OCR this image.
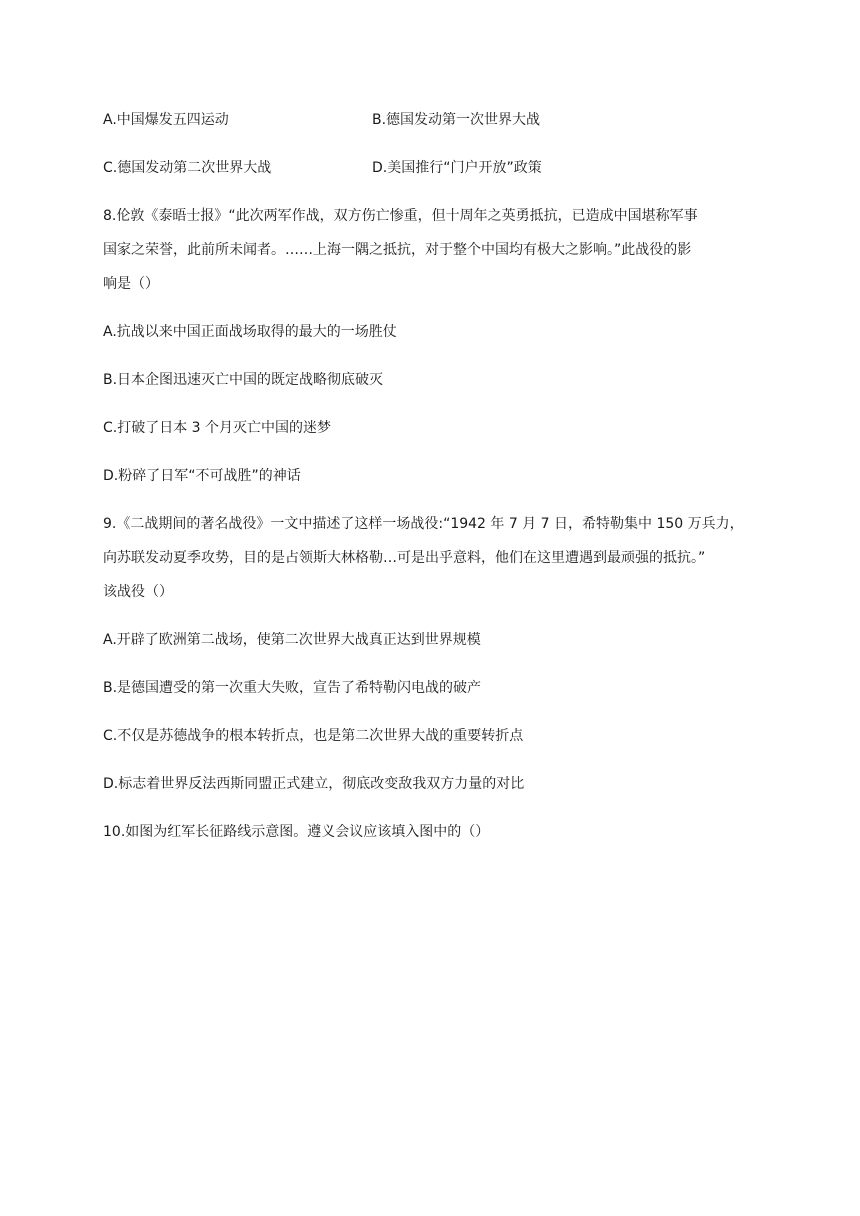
A.中国爆发五四运动	B.德国发动第一次世界大战
C.德国发动第二次世界大战	D.美国推行“门户开放”政策
8.伦敦《泰晤士报》“此次两军作战，双方伤亡惨重，但十周年之英勇抵抗，已造成中国堪称军事
国家之荣誉，此前所未闻者。……上海一隅之抵抗，对于整个中国均有极大之影响。”此战役的影
响是（）
A.抗战以来中国正面战场取得的最大的一场胜仗
B.日本企图迅速灭亡中国的既定战略彻底破灭
C.打破了日本 3 个月灭亡中国的迷梦
D.粉碎了日军“不可战胜”的神话
9.《二战期间的著名战役》一文中描述了这样一场战役:“1942 年 7 月 7 日，希特勒集中 150 万兵力，
向苏联发动夏季攻势，目的是占领斯大林格勒…可是出乎意料，他们在这里遭遇到最顽强的抵抗。”
该战役（）
A.开辟了欧洲第二战场，使第二次世界大战真正达到世界规模
B.是德国遭受的第一次重大失败，宣告了希特勒闪电战的破产
C.不仅是苏德战争的根本转折点，也是第二次世界大战的重要转折点
D.标志着世界反法西斯同盟正式建立，彻底改变敌我双方力量的对比
10.如图为红军长征路线示意图。遵义会议应该填入图中的（）
